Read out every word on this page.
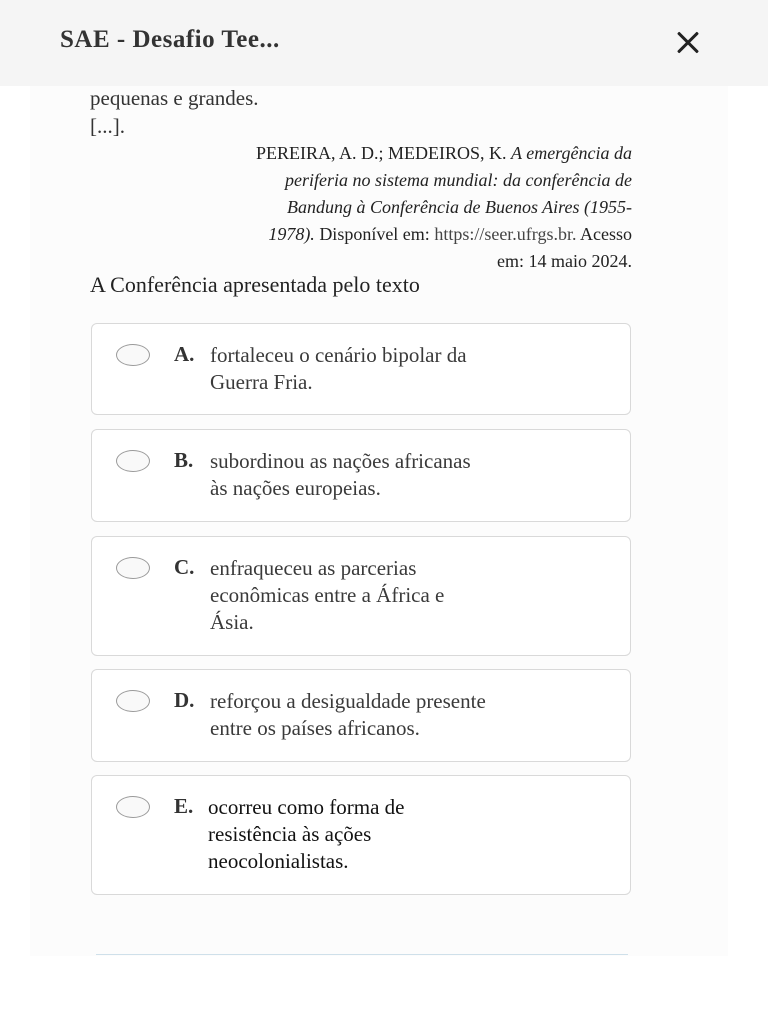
SAE - Desafio Tee...
pequenas e grandes.
[...].
PEREIRA, A. D.; MEDEIROS, K. A emergência da
periferia no sistema mundial: da conferência de
Bandung à Conferência de Buenos Aires (1955-
1978). Disponível em: https://seer.ufrgs.br. Acesso
em: 14 maio 2024.
A Conferência apresentada pelo texto
A. fortaleceu o cenário bipolar da
Guerra Fria.
B. subordinou as nações africanas
às nações europeias.
C. enfraqueceu as parcerias
econômicas entre a África e
Ásia.
D. reforçou a desigualdade presente
entre os países africanos.
E. ocorreu como forma de
resistência às ações
neocolonialistas.
